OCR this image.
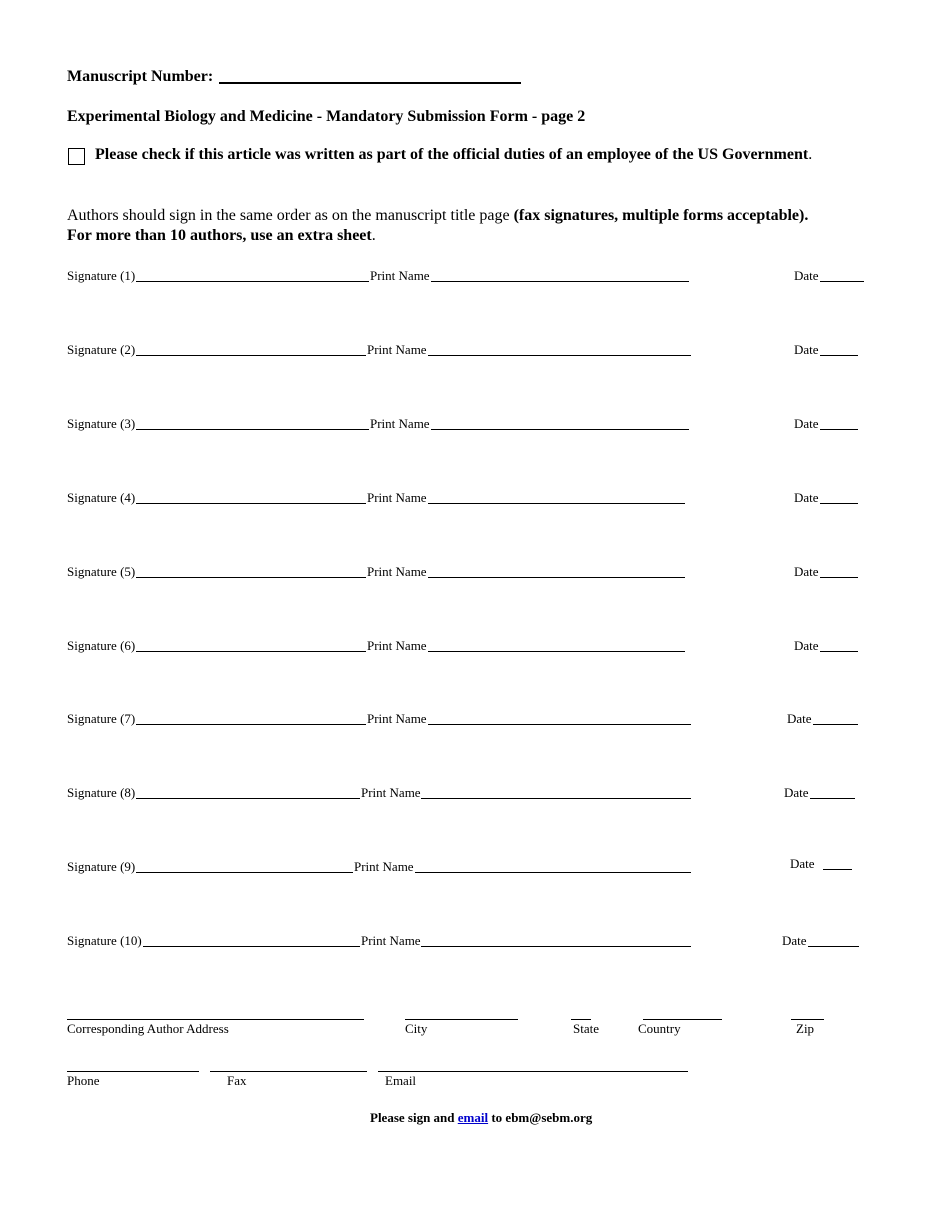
Manuscript Number:
Experimental Biology and Medicine - Mandatory Submission Form - page 2
Please check if this article was written as part of the official duties of an employee of the US Government.
Authors should sign in the same order as on the manuscript title page (fax signatures, multiple forms acceptable).
For more than 10 authors, use an extra sheet.
Signature (1)	Print Name	Date
Signature (2)	Print Name	Date
Signature (3)	Print Name	Date
Signature (4)	Print Name	Date
Signature (5)	Print Name	Date
Signature (6)	Print Name	Date
Signature (7)	Print Name	Date
Signature (8)	Print Name	Date
Signature (9)	Print Name	Date
Signature (10)	Print Name	Date
Corresponding Author Address	City	State	Country	Zip
Phone	Fax	Email
Please sign and email to ebm@sebm.org
